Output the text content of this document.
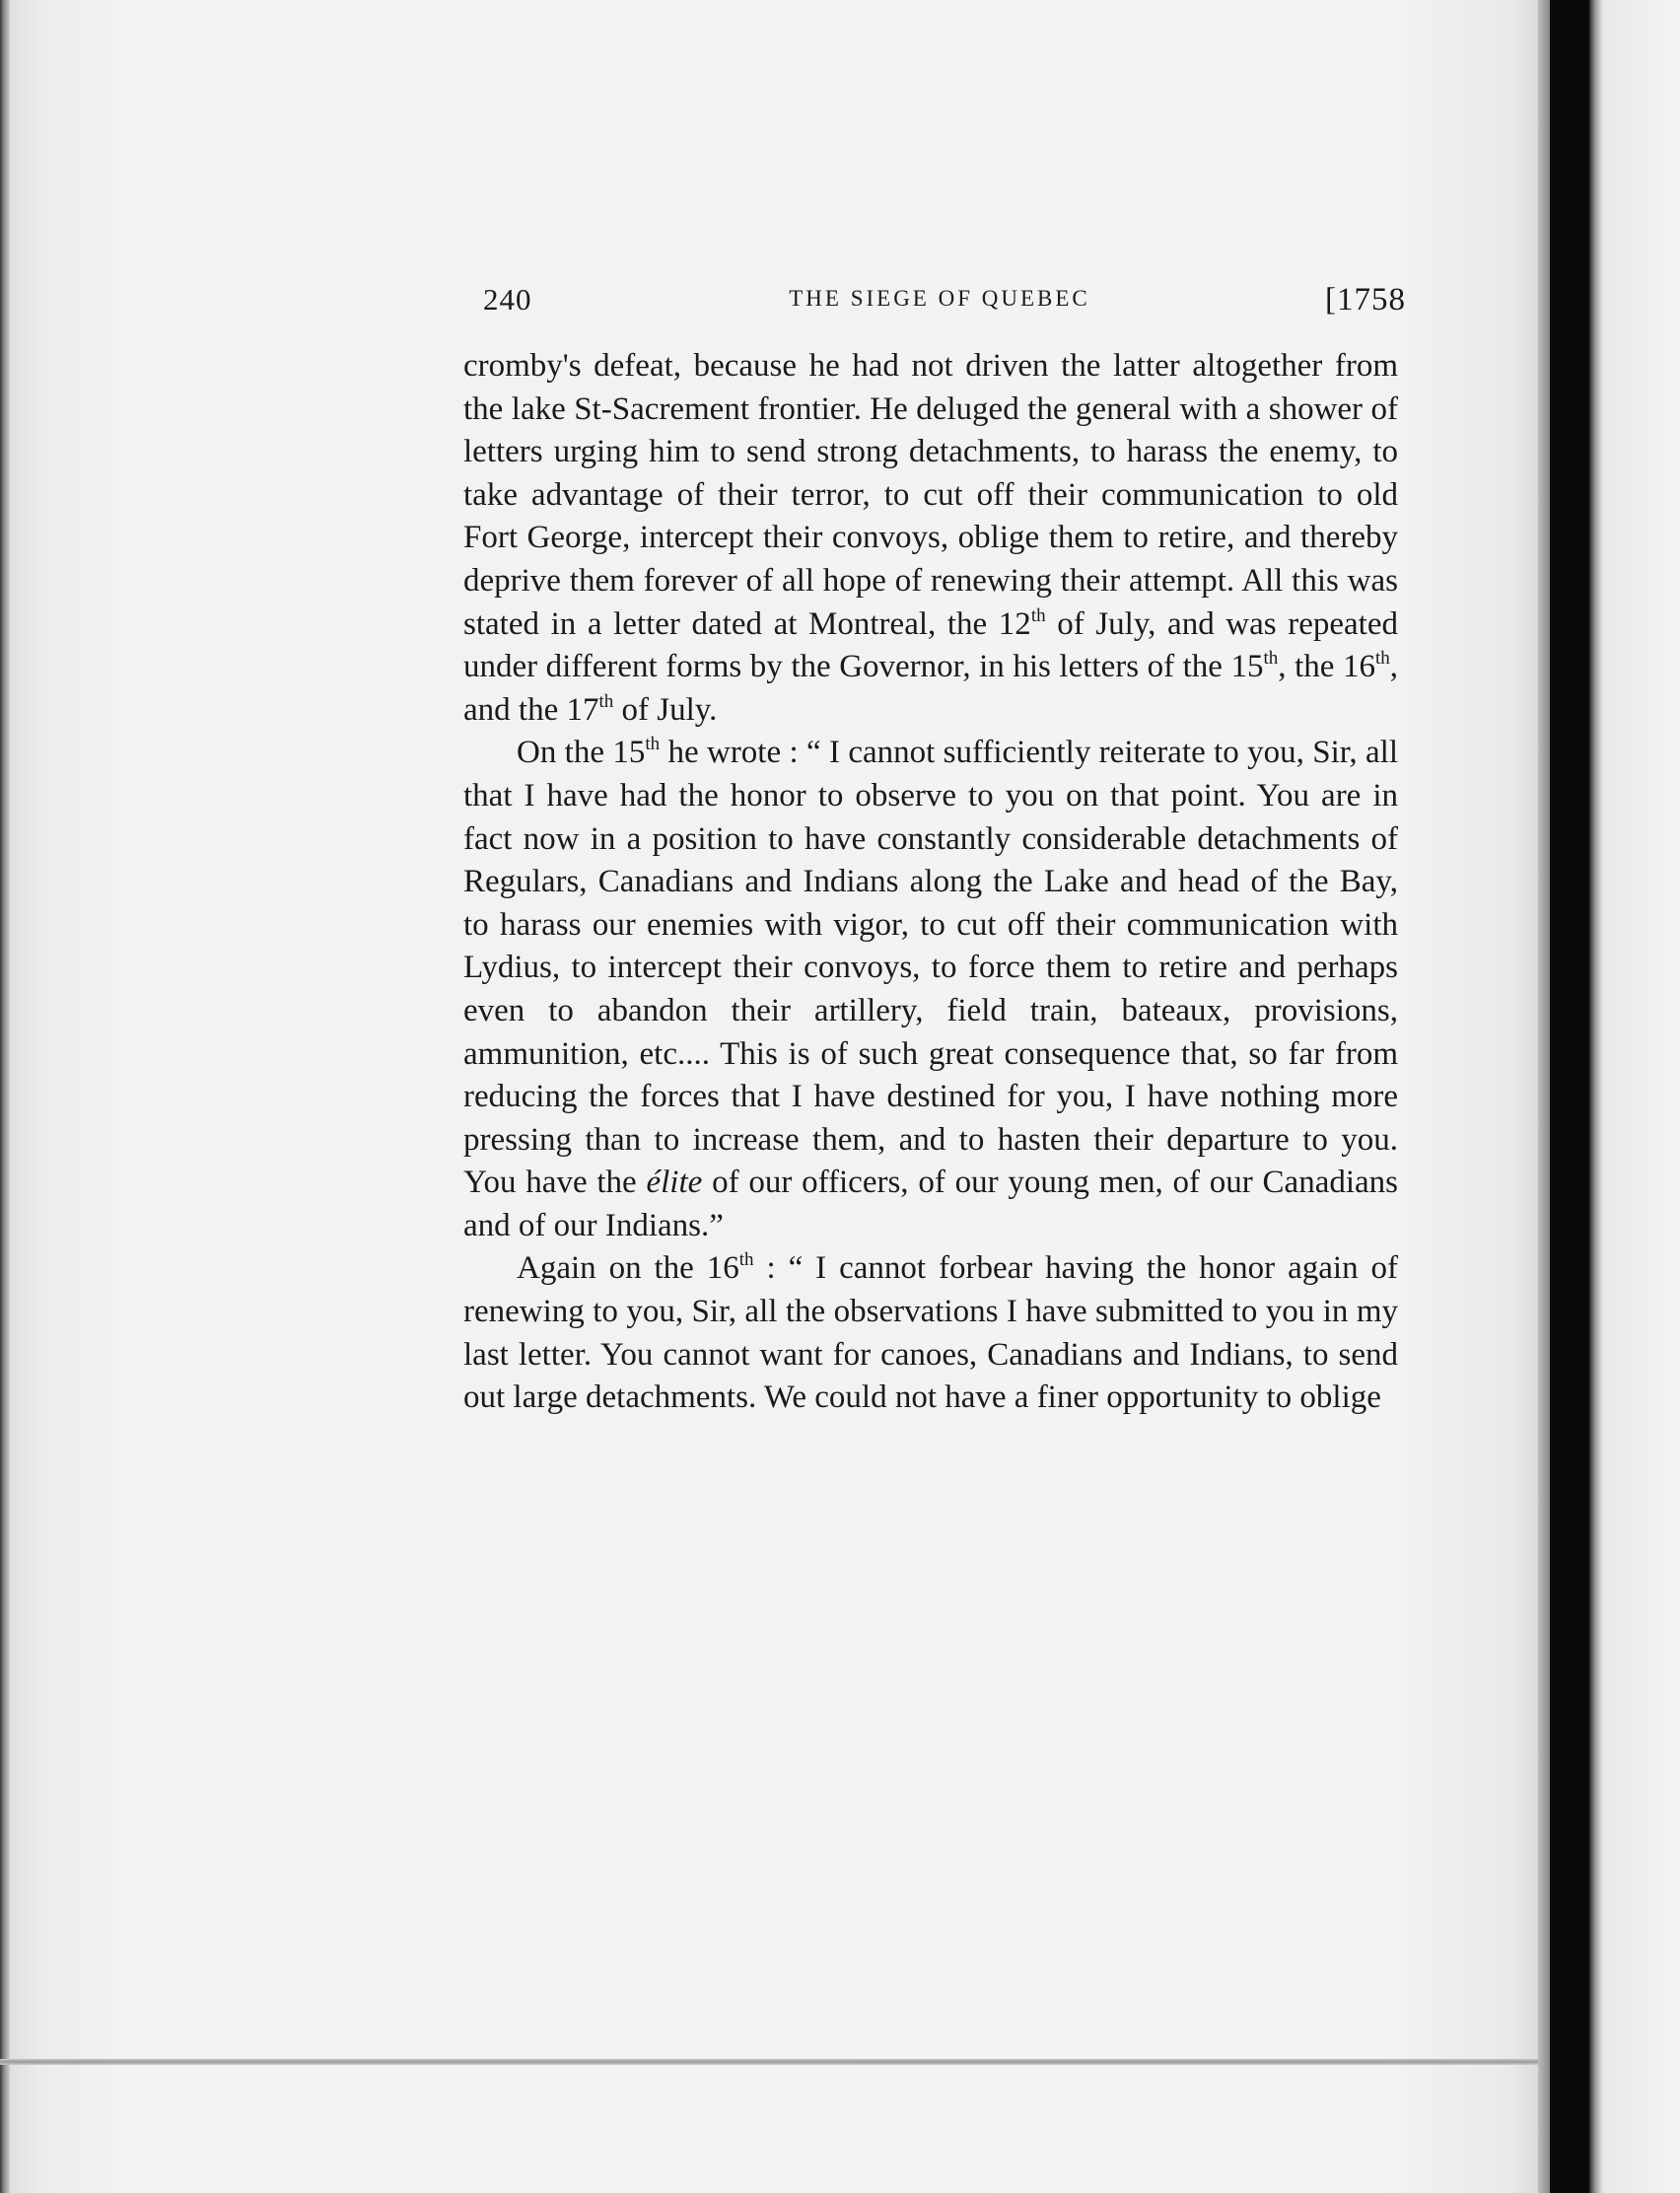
240	THE SIEGE OF QUEBEC	[1758

cromby's defeat, because he had not driven the latter altogether from the lake St-Sacrement frontier. He deluged the general with a shower of letters urging him to send strong detachments, to harass the enemy, to take advantage of their terror, to cut off their communication to old Fort George, intercept their convoys, oblige them to retire, and thereby deprive them forever of all hope of renewing their attempt. All this was stated in a letter dated at Montreal, the 12th of July, and was repeated under different forms by the Governor, in his letters of the 15th, the 16th, and the 17th of July.

On the 15th he wrote : “ I cannot sufficiently reiterate to you, Sir, all that I have had the honor to observe to you on that point. You are in fact now in a position to have constantly considerable detachments of Regulars, Canadians and Indians along the Lake and head of the Bay, to harass our enemies with vigor, to cut off their communication with Lydius, to intercept their convoys, to force them to retire and perhaps even to abandon their artillery, field train, bateaux, provisions, ammunition, etc.... This is of such great consequence that, so far from reducing the forces that I have destined for you, I have nothing more pressing than to increase them, and to hasten their departure to you. You have the élite of our officers, of our young men, of our Canadians and of our Indians.”

Again on the 16th : “ I cannot forbear having the honor again of renewing to you, Sir, all the observations I have submitted to you in my last letter. You cannot want for canoes, Canadians and Indians, to send out large detachments. We could not have a finer opportunity to oblige
